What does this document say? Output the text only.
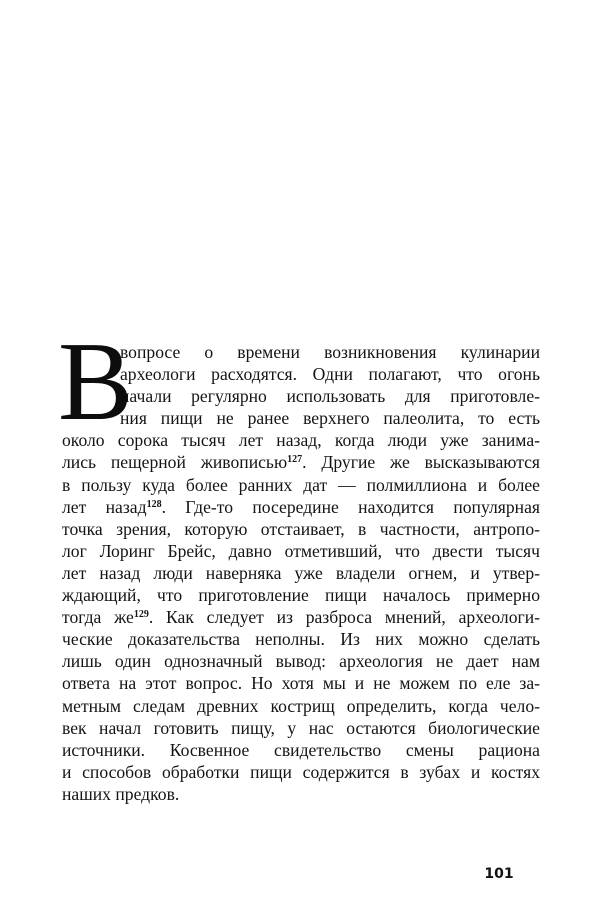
В
вопросе о времени возникновения кулинарии
археологи расходятся. Одни полагают, что огонь
начали регулярно использовать для приготовле-
ния пищи не ранее верхнего палеолита, то есть
около сорока тысяч лет назад, когда люди уже занима-
лись пещерной живописью$^{127}$. Другие же высказываются
в пользу куда более ранних дат — полмиллиона и более
лет назад$^{128}$. Где-то посередине находится популярная
точка зрения, которую отстаивает, в частности, антропо-
лог Лоринг Брейс, давно отметивший, что двести тысяч
лет назад люди наверняка уже владели огнем, и утвер-
ждающий, что приготовление пищи началось примерно
тогда $же^{129}$. Как следует из разброса мнений, археологи-
ческие доказательства неполны. Из них можно сделать
лишь один однозначный вывод: археология не дает нам
ответа на этот вопрос. Но хотя мы и не можем по еле за-
метным следам древних кострищ определить, когда чело-
век начал готовить пищу, у нас остаются биологические
источники. Косвенное свидетельство смены рациона
и способов обработки пищи содержится в зубах и костях
наших предков.
101
